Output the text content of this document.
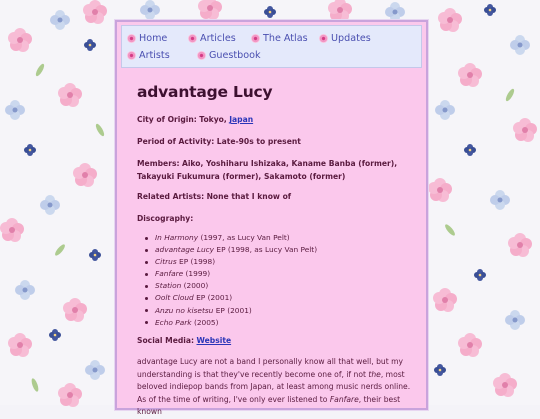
Home	Articles	The Atlas Updates
Artists	Guestbook
advantage Lucy
City of Origin: Tokyo, Japan
Period of Activity: Late-90s to present
Members: Aiko, Yoshiharu Ishizaka, Kaname Banba (former), Takayuki Fukumura (former), Sakamoto (former)
Related Artists: None that I know of
Discography:
In Harmony (1997, as Lucy Van Pelt)
advantage Lucy EP (1998, as Lucy Van Pelt)
Citrus EP (1998)
Fanfare (1999)
Station (2000)
Oolt Cloud EP (2001)
Anzu no kisetsu EP (2001)
Echo Park (2005)
Social Media: Website
advantage Lucy are not a band I personally know all that well, but my understanding is that they've recently become one of, if not the, most beloved indiepop bands from Japan, at least among music nerds online. As of the time of writing, I've only ever listened to Fanfare, their best known
